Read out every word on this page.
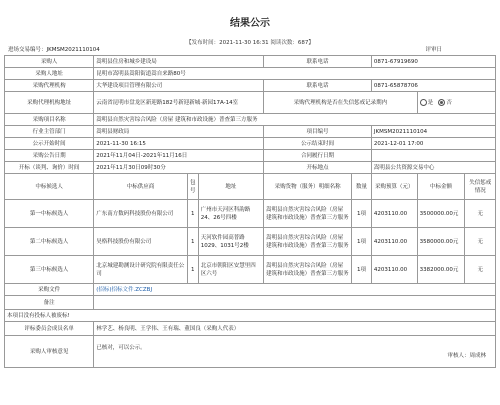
结果公示
【发布时间：2021-11-30 16:31 阅读次数：687】
进场交易编号：JKMSM2021110104	评审日
采购人	嵩明县住房和城乡建设局			联系电话		0871-67919690		
采购人地址	昆明市嵩明县嵩阳街道嵩自来路80号							
采购代理机构	大华建设项目管理有限公司			联系电话		0871-65878706		
采购代理机构地址	云南省昆明市盘龙区新迎路182号新迎新城·新园17A-14室			采购代理机构是否在失信惩戒记录期内			是 否	
采购项目名称	嵩明县自然灾害综合风险（房屋 建筑和市政设施）普查第三方服务							
行业主管部门	嵩明县财政局			项目编号		JKMSM2021110104		
公示开始时间	2021-11-30 16:15			公示结束时间		2021-12-01 17:00		
采购公告日期	2021年11月04日-2021年11月16日			合同履行日期				
开标（谈判、询价）时间	2021年11月30日09时30分			开标地点		嵩明县公共资源交易中心		
中标候选人	中标供应商	包号	地址	采购货物（服务）明细名称	数量	采购预算（元）	中标金额	失信惩戒情况
第一中标候选人	广东南方数码科技股份有限公司	1	广州市天河区科韵路24、26号四楼	嵩明县自然灾害综合风险（房屋 建筑和市政设施）普查第三方服务	1项	4203110.00	3500000.00元	无
第二中标候选人	昊格科技股份有限公司	1	天河软件园高普路1029、1031号2楼	嵩明县自然灾害综合风险（房屋 建筑和市政设施）普查第三方服务	1项	4203110.00	3580000.00元	无
第三中标候选人	北京城建勘测设计研究院有限责任公司	1	北京市朝阳区安慧里四区六号	嵩明县自然灾害综合风险（房屋 建筑和市政设施）普查第三方服务	1项	4203110.00	3382000.00元	无
采购文件	(招标)招标文件.ZCZBJ							
备注								
本项目没有投标人被废标!								
评标委员会成员名单	林学艺、杨良明、王学伟、王有瑞、董国良（采购人代表）							
采购人审核意见	已核对，可以公示。
审核人：周成林							
